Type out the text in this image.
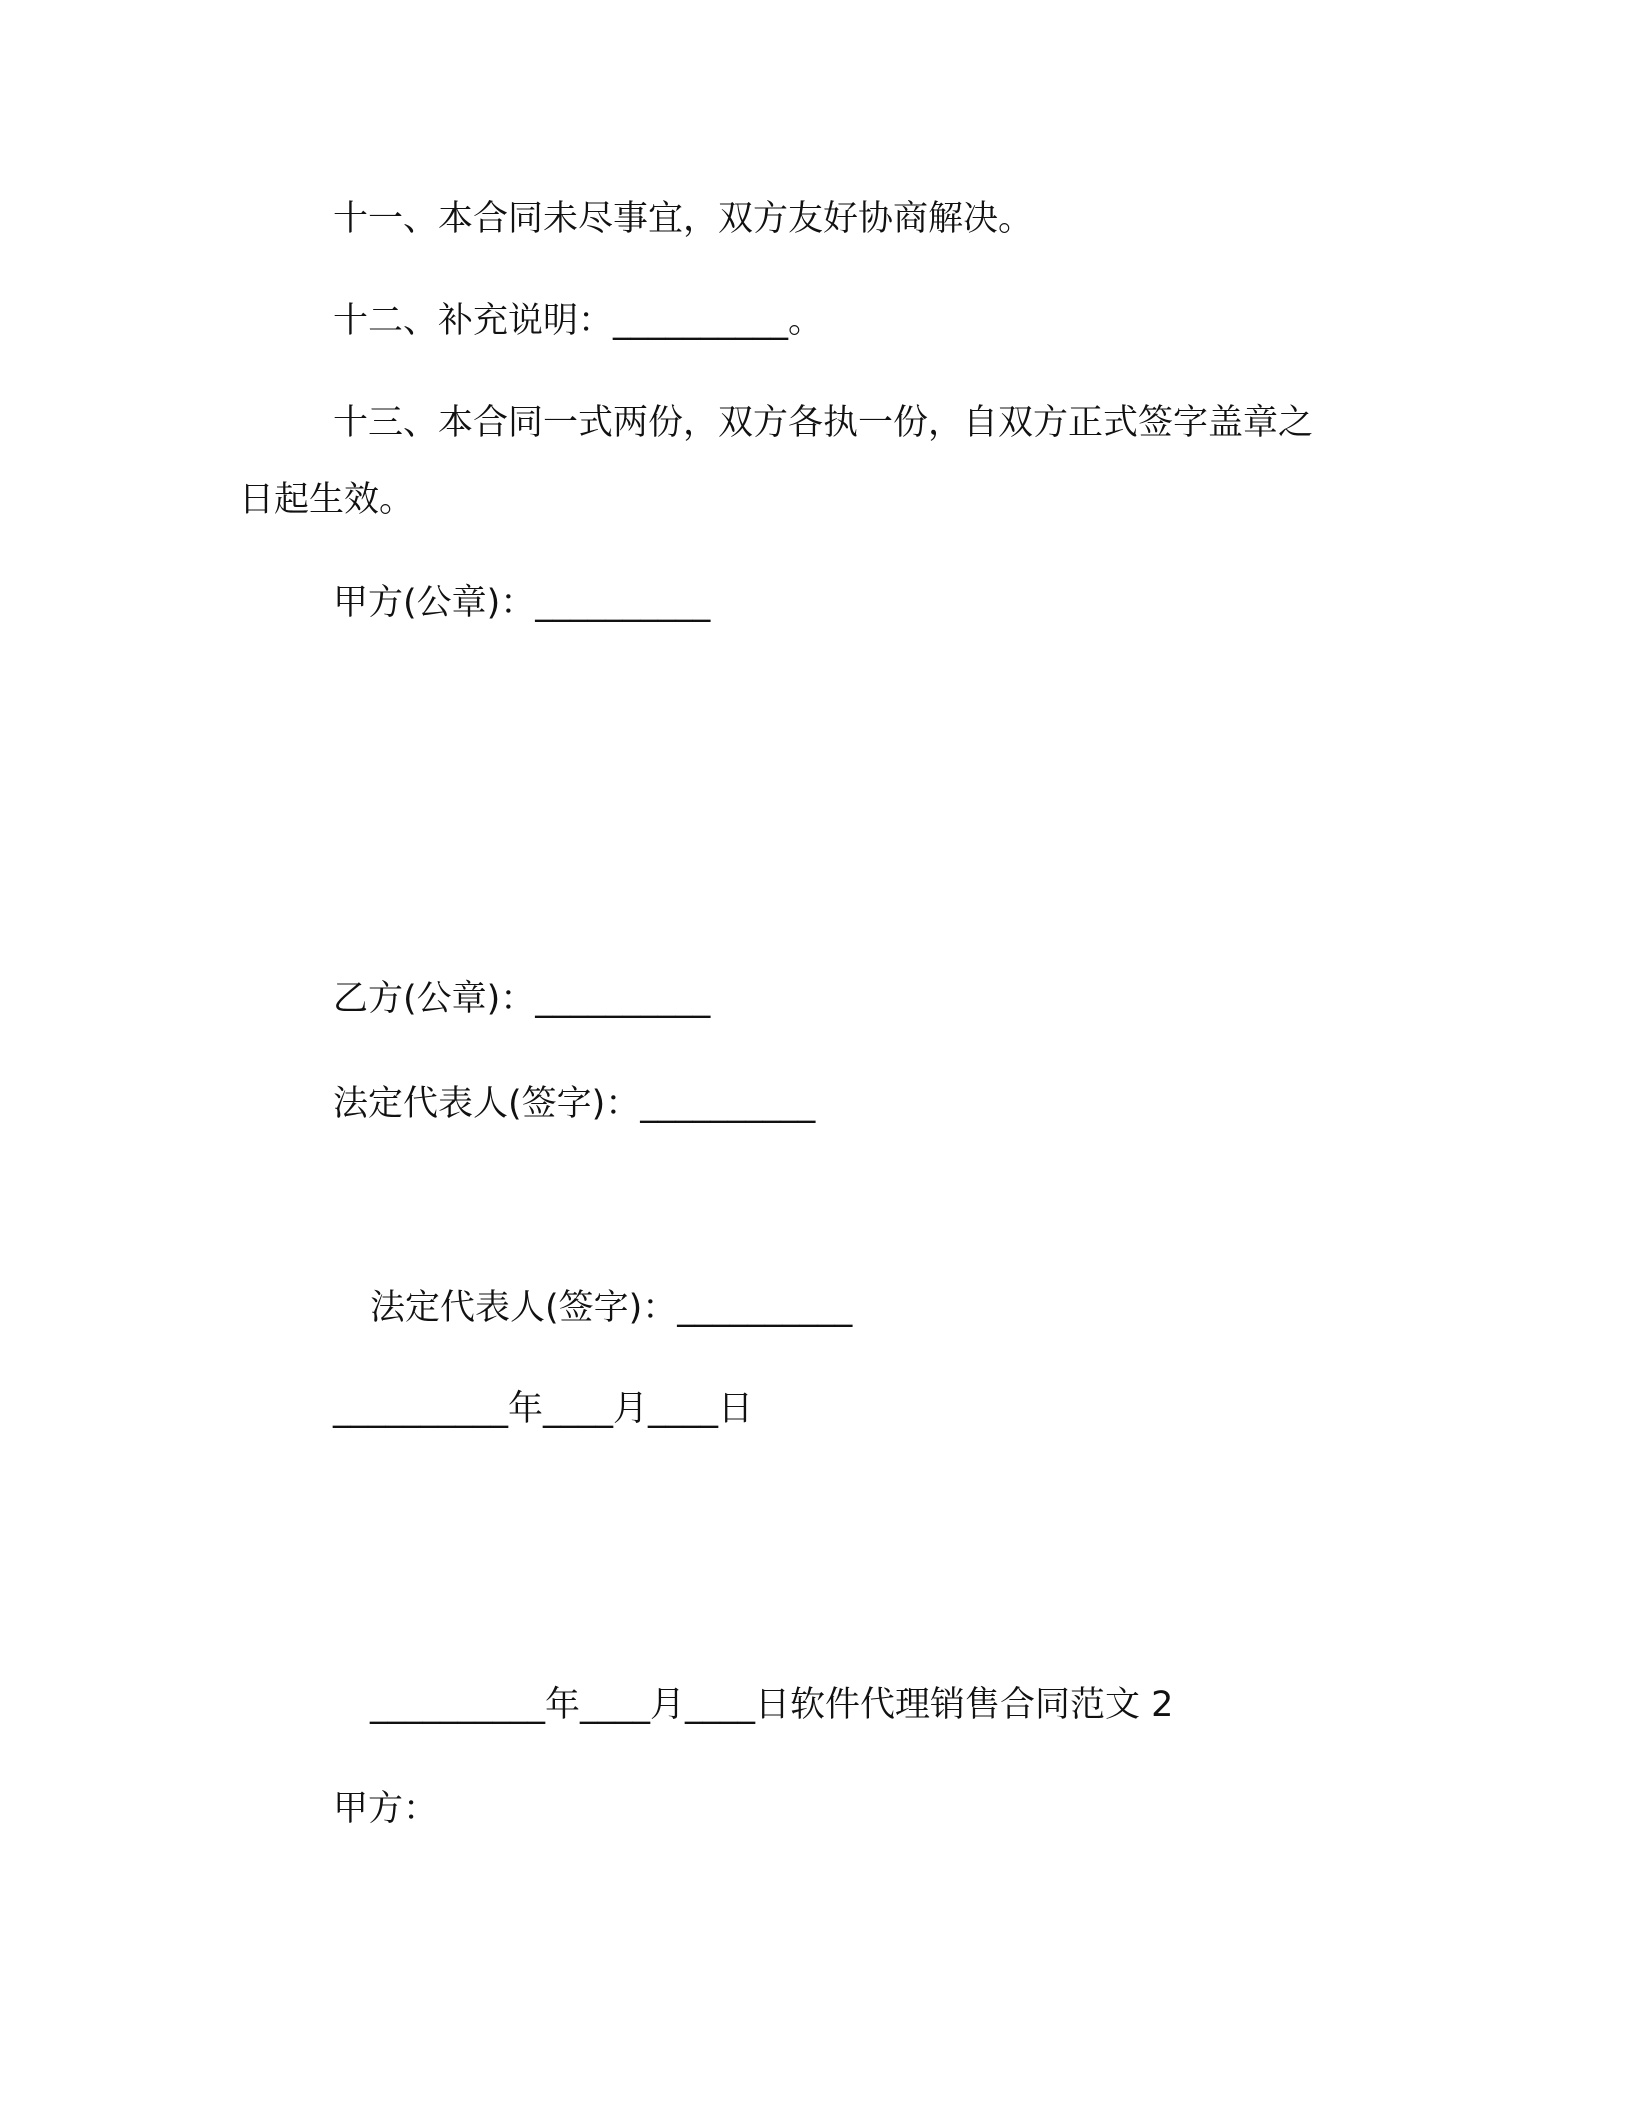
十一、本合同未尽事宜，双方友好协商解决。
十二、补充说明：__________。
十三、本合同一式两份，双方各执一份，自双方正式签字盖章之
日起生效。
甲方(公章)：__________
乙方(公章)：__________
法定代表人(签字)：__________
法定代表人(签字)：__________
__________年____月____日
__________年____月____日软件代理销售合同范文 2
甲方：
